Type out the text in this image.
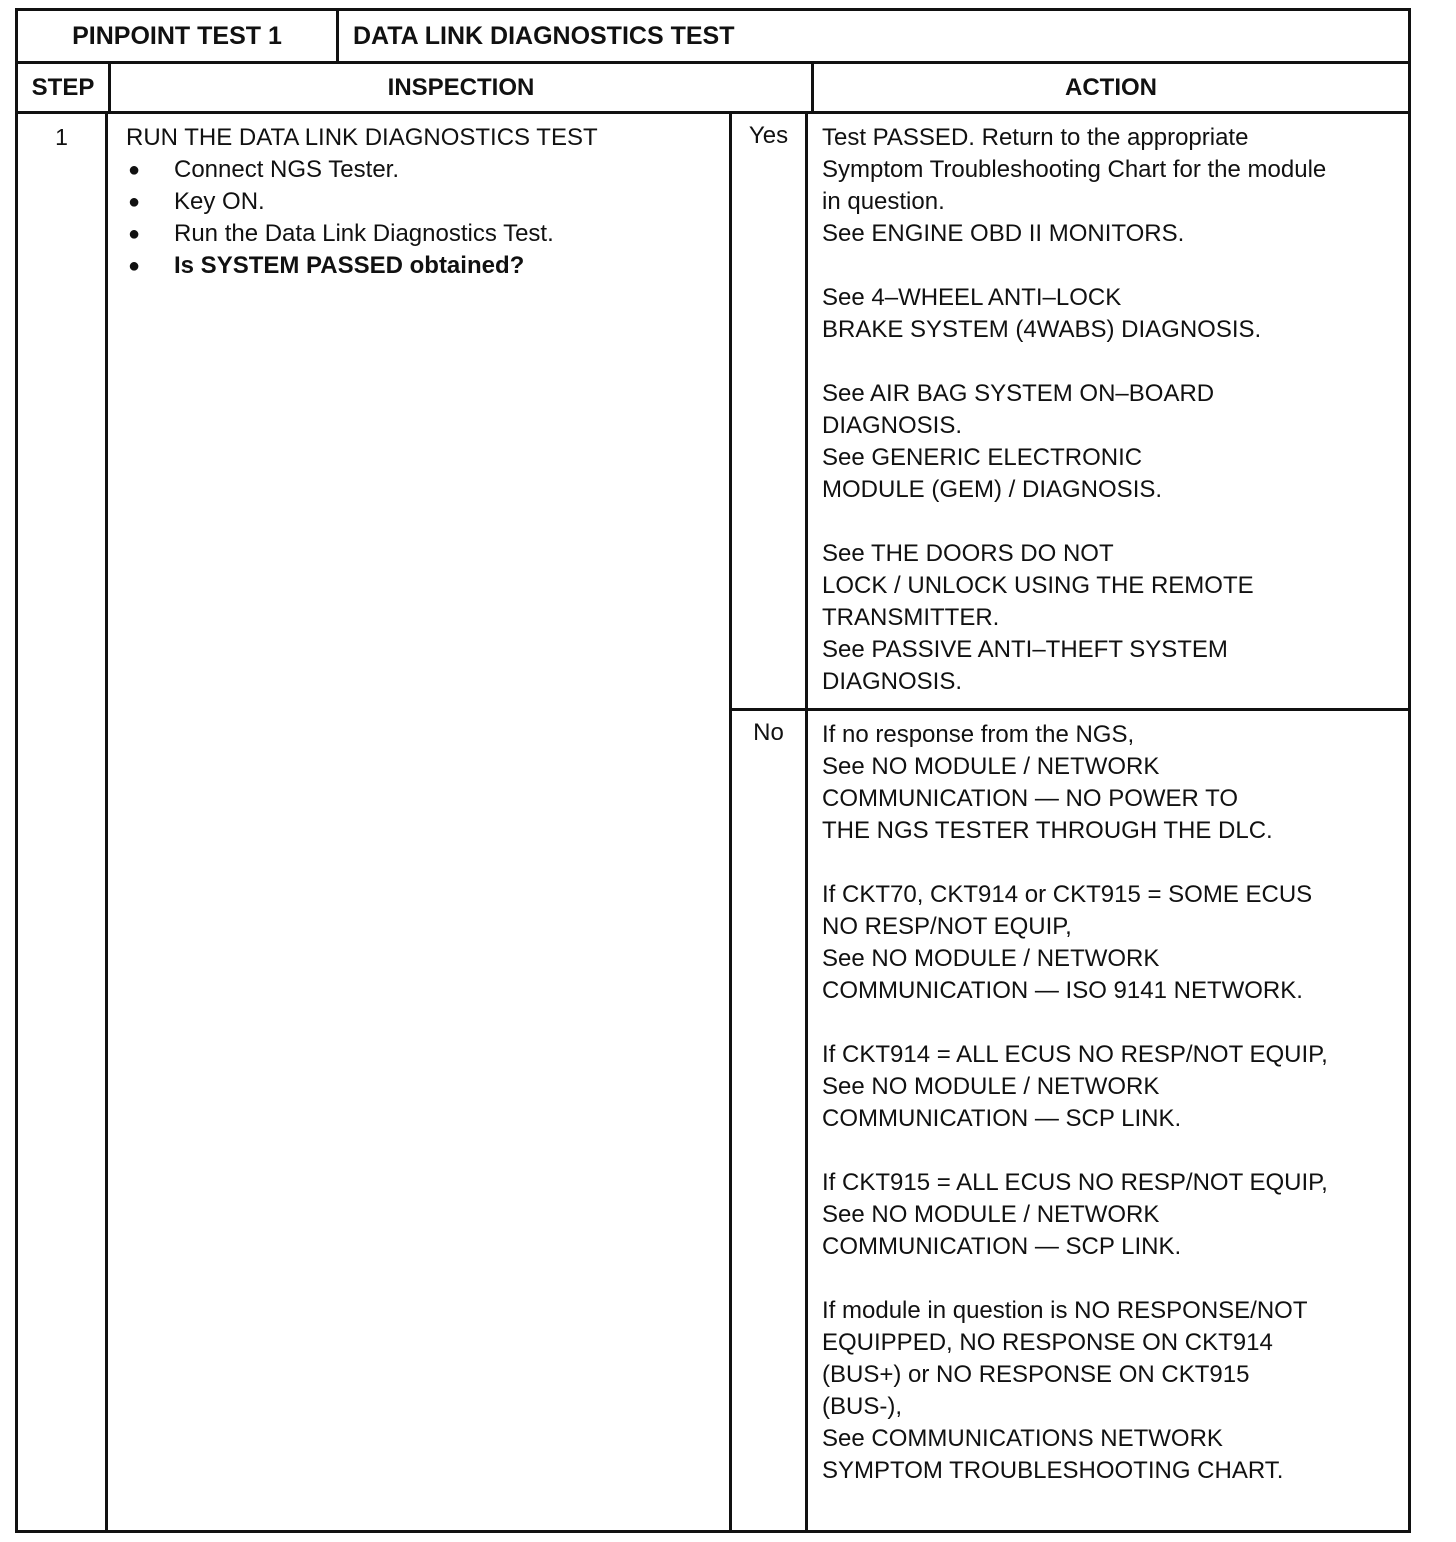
PINPOINT TEST 1	DATA LINK DIAGNOSTICS TEST
STEP	INSPECTION	ACTION
1	RUN THE DATA LINK DIAGNOSTICS TEST
● Connect NGS Tester.
● Key ON.
● Run the Data Link Diagnostics Test.
● Is SYSTEM PASSED obtained?
Yes	Test PASSED. Return to the appropriate
Symptom Troubleshooting Chart for the module
in question.
See ENGINE OBD II MONITORS.

See 4–WHEEL ANTI–LOCK
BRAKE SYSTEM (4WABS) DIAGNOSIS.

See AIR BAG SYSTEM ON–BOARD
DIAGNOSIS.
See GENERIC ELECTRONIC
MODULE (GEM) / DIAGNOSIS.

See THE DOORS DO NOT
LOCK / UNLOCK USING THE REMOTE
TRANSMITTER.
See PASSIVE ANTI–THEFT SYSTEM
DIAGNOSIS.
No	If no response from the NGS,
See NO MODULE / NETWORK
COMMUNICATION — NO POWER TO
THE NGS TESTER THROUGH THE DLC.

If CKT70, CKT914 or CKT915 = SOME ECUS
NO RESP/NOT EQUIP,
See NO MODULE / NETWORK
COMMUNICATION — ISO 9141 NETWORK.

If CKT914 = ALL ECUS NO RESP/NOT EQUIP,
See NO MODULE / NETWORK
COMMUNICATION — SCP LINK.

If CKT915 = ALL ECUS NO RESP/NOT EQUIP,
See NO MODULE / NETWORK
COMMUNICATION — SCP LINK.

If module in question is NO RESPONSE/NOT
EQUIPPED, NO RESPONSE ON CKT914
(BUS+) or NO RESPONSE ON CKT915
(BUS-),
See COMMUNICATIONS NETWORK
SYMPTOM TROUBLESHOOTING CHART.
